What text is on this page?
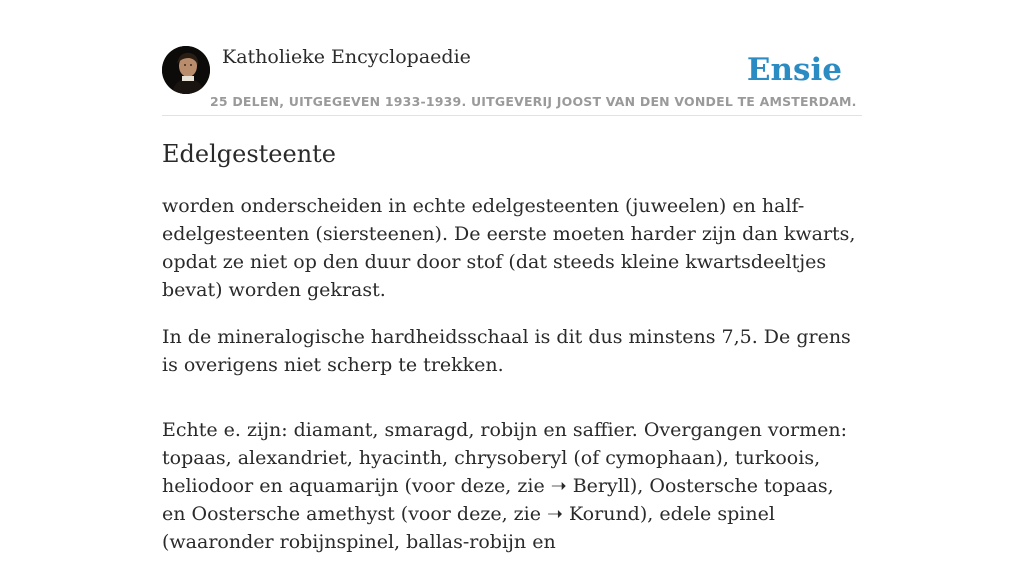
Katholieke Encyclopaedie
25 DELEN, UITGEGEVEN 1933-1939. UITGEVERIJ JOOST VAN DEN VONDEL TE AMSTERDAM.
Ensie
Edelgesteente

worden onderscheiden in echte edelgesteenten (juweelen) en half-edelgesteenten (siersteenen). De eerste moeten harder zijn dan kwarts, opdat ze niet op den duur door stof (dat steeds kleine kwartsdeeltjes bevat) worden gekrast.

In de mineralogische hardheidsschaal is dit dus minstens 7,5. De grens is overigens niet scherp te trekken.

Echte e. zijn: diamant, smaragd, robijn en saffier. Overgangen vormen: topaas, alexandriet, hyacinth, chrysoberyl (of cymophaan), turkoois, heliodoor en aquamarijn (voor deze, zie ➝ Beryll), Oostersche topaas, en Oostersche amethyst (voor deze, zie ➝ Korund), edele spinel (waaronder robijnspinel, ballas-robijn en
